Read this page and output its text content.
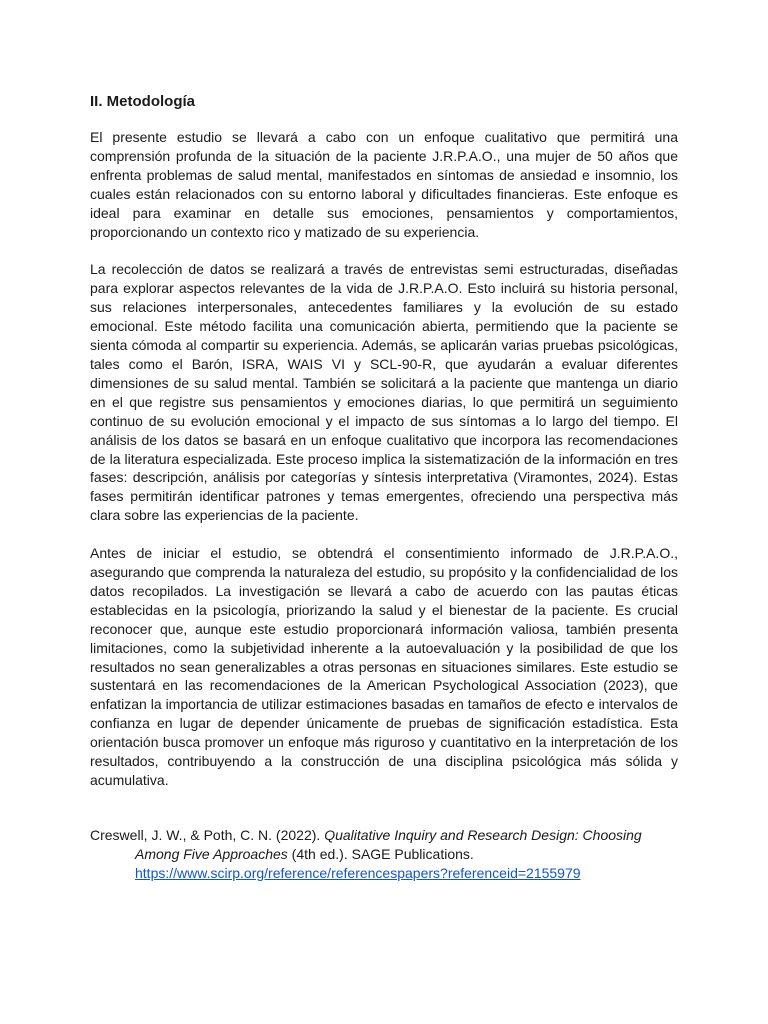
II. Metodología

El presente estudio se llevará a cabo con un enfoque cualitativo que permitirá una comprensión profunda de la situación de la paciente J.R.P.A.O., una mujer de 50 años que enfrenta problemas de salud mental, manifestados en síntomas de ansiedad e insomnio, los cuales están relacionados con su entorno laboral y dificultades financieras. Este enfoque es ideal para examinar en detalle sus emociones, pensamientos y comportamientos, proporcionando un contexto rico y matizado de su experiencia.

La recolección de datos se realizará a través de entrevistas semi estructuradas, diseñadas para explorar aspectos relevantes de la vida de J.R.P.A.O. Esto incluirá su historia personal, sus relaciones interpersonales, antecedentes familiares y la evolución de su estado emocional. Este método facilita una comunicación abierta, permitiendo que la paciente se sienta cómoda al compartir su experiencia. Además, se aplicarán varias pruebas psicológicas, tales como el Barón, ISRA, WAIS VI y SCL-90-R, que ayudarán a evaluar diferentes dimensiones de su salud mental. También se solicitará a la paciente que mantenga un diario en el que registre sus pensamientos y emociones diarias, lo que permitirá un seguimiento continuo de su evolución emocional y el impacto de sus síntomas a lo largo del tiempo. El análisis de los datos se basará en un enfoque cualitativo que incorpora las recomendaciones de la literatura especializada. Este proceso implica la sistematización de la información en tres fases: descripción, análisis por categorías y síntesis interpretativa (Viramontes, 2024). Estas fases permitirán identificar patrones y temas emergentes, ofreciendo una perspectiva más clara sobre las experiencias de la paciente.

Antes de iniciar el estudio, se obtendrá el consentimiento informado de J.R.P.A.O., asegurando que comprenda la naturaleza del estudio, su propósito y la confidencialidad de los datos recopilados. La investigación se llevará a cabo de acuerdo con las pautas éticas establecidas en la psicología, priorizando la salud y el bienestar de la paciente. Es crucial reconocer que, aunque este estudio proporcionará información valiosa, también presenta limitaciones, como la subjetividad inherente a la autoevaluación y la posibilidad de que los resultados no sean generalizables a otras personas en situaciones similares. Este estudio se sustentará en las recomendaciones de la American Psychological Association (2023), que enfatizan la importancia de utilizar estimaciones basadas en tamaños de efecto e intervalos de confianza en lugar de depender únicamente de pruebas de significación estadística. Esta orientación busca promover un enfoque más riguroso y cuantitativo en la interpretación de los resultados, contribuyendo a la construcción de una disciplina psicológica más sólida y acumulativa.

Creswell, J. W., & Poth, C. N. (2022). Qualitative Inquiry and Research Design: Choosing Among Five Approaches (4th ed.). SAGE Publications.
https://www.scirp.org/reference/referencespapers?referenceid=2155979
